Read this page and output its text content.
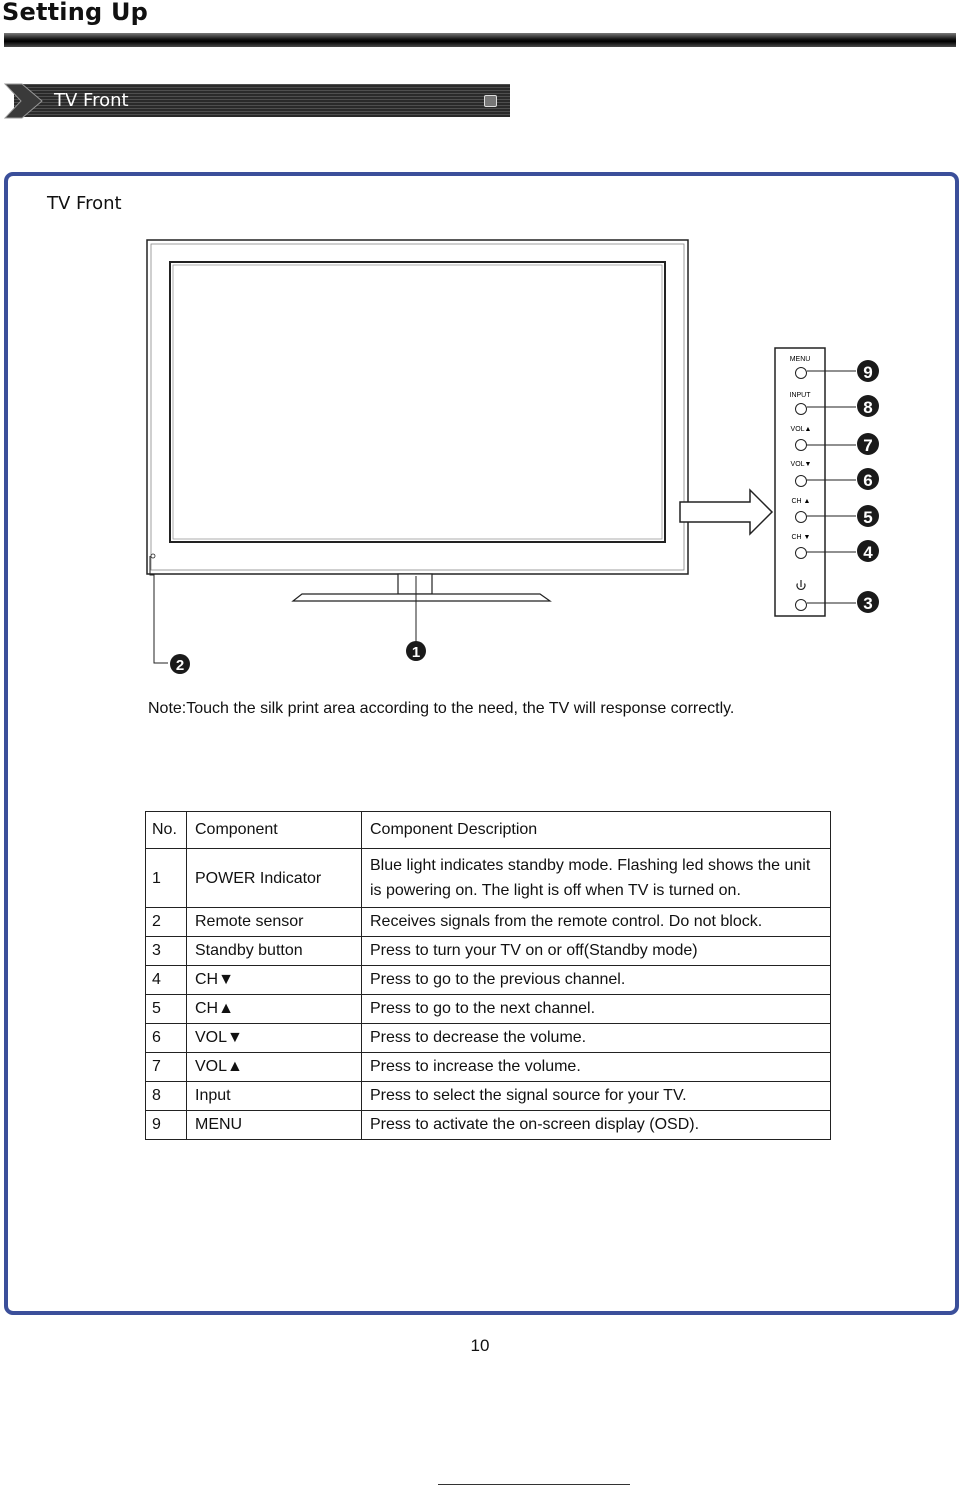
Setting Up
TV Front
TV Front
MENU
INPUT
VOL▲
VOL▼
CH ▲
CH ▼
1
2
3
4
5
6
7
8
9
Note:Touch the silk print area according to the need, the TV will response correctly.
No.	Component	Component Description
1	POWER Indicator	Blue light indicates standby mode. Flashing led shows the unit is powering on. The light is off when TV is turned on.
2	Remote sensor	Receives signals from the remote control. Do not block.
3	Standby button	Press to turn your TV on or off(Standby mode)
4	CH▼	Press to go to the previous channel.
5	CH▲	Press to go to the next channel.
6	VOL▼	Press to decrease the volume.
7	VOL▲	Press to increase the volume.
8	Input	Press to select the signal source for your TV.
9	MENU	Press to activate the on-screen display (OSD).
10
